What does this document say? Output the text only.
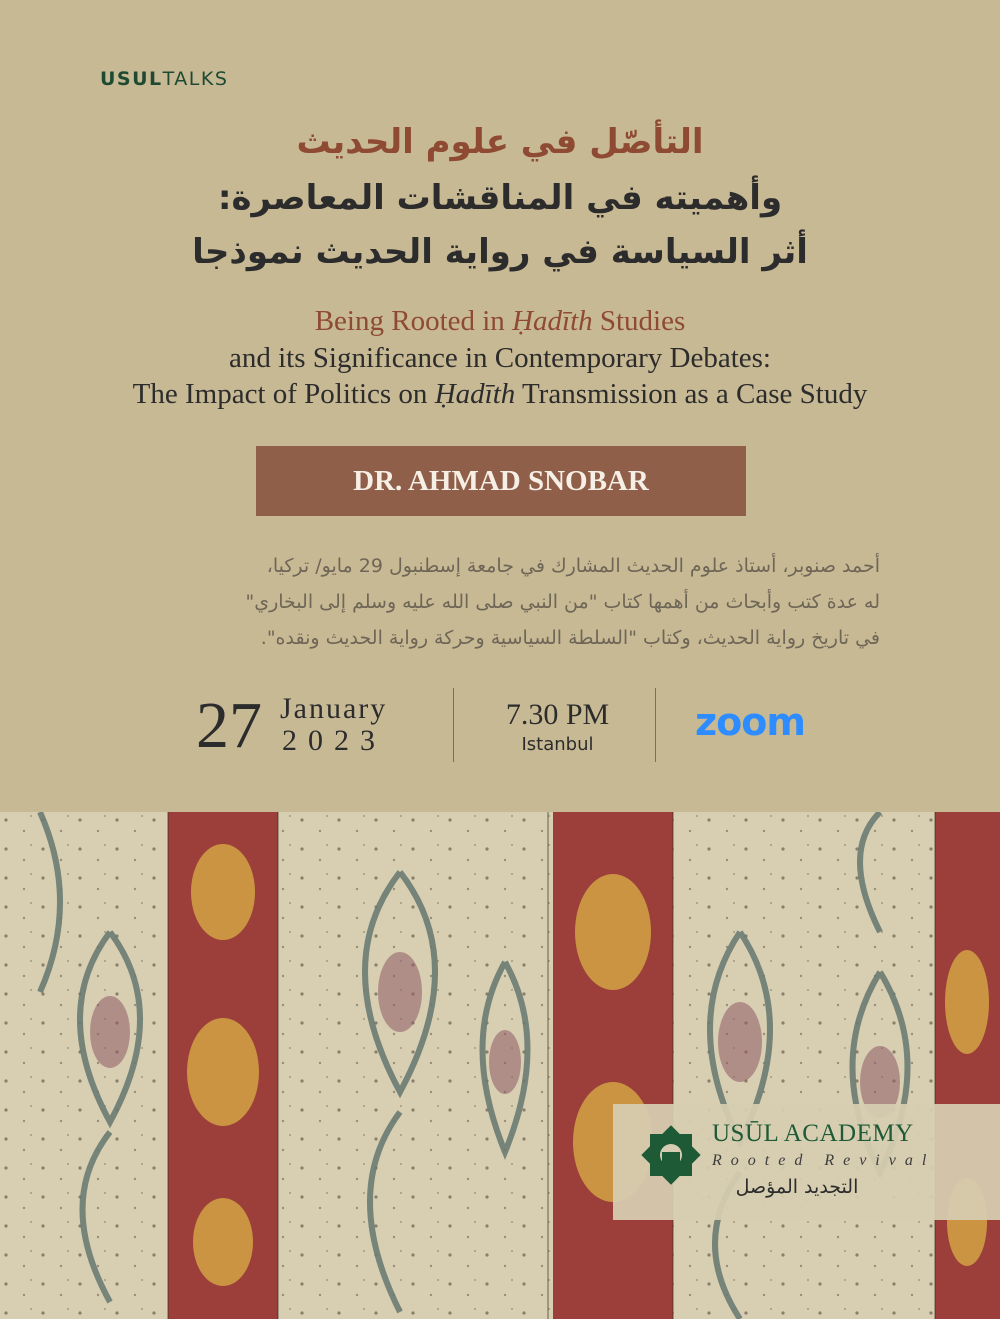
USULTALKS
التأصّل في علوم الحديث
وأهميته في المناقشات المعاصرة:
أثر السياسة في رواية الحديث نموذجا
Being Rooted in Ḥadīth Studies
and its Significance in Contemporary Debates:
The Impact of Politics on Ḥadīth Transmission as a Case Study
DR. AHMAD SNOBAR
أحمد صنوبر، أستاذ علوم الحديث المشارك في جامعة إسطنبول 29 مايو/ تركيا،
له عدة كتب وأبحاث من أهمها كتاب "من النبي صلى الله عليه وسلم إلى البخاري"
في تاريخ رواية الحديث، وكتاب "السلطة السياسية وحركة رواية الحديث ونقده".
27 January
2023
7.30 PM
Istanbul
zoom
USŪL ACADEMY
Rooted Revival
التجديد المؤصل
